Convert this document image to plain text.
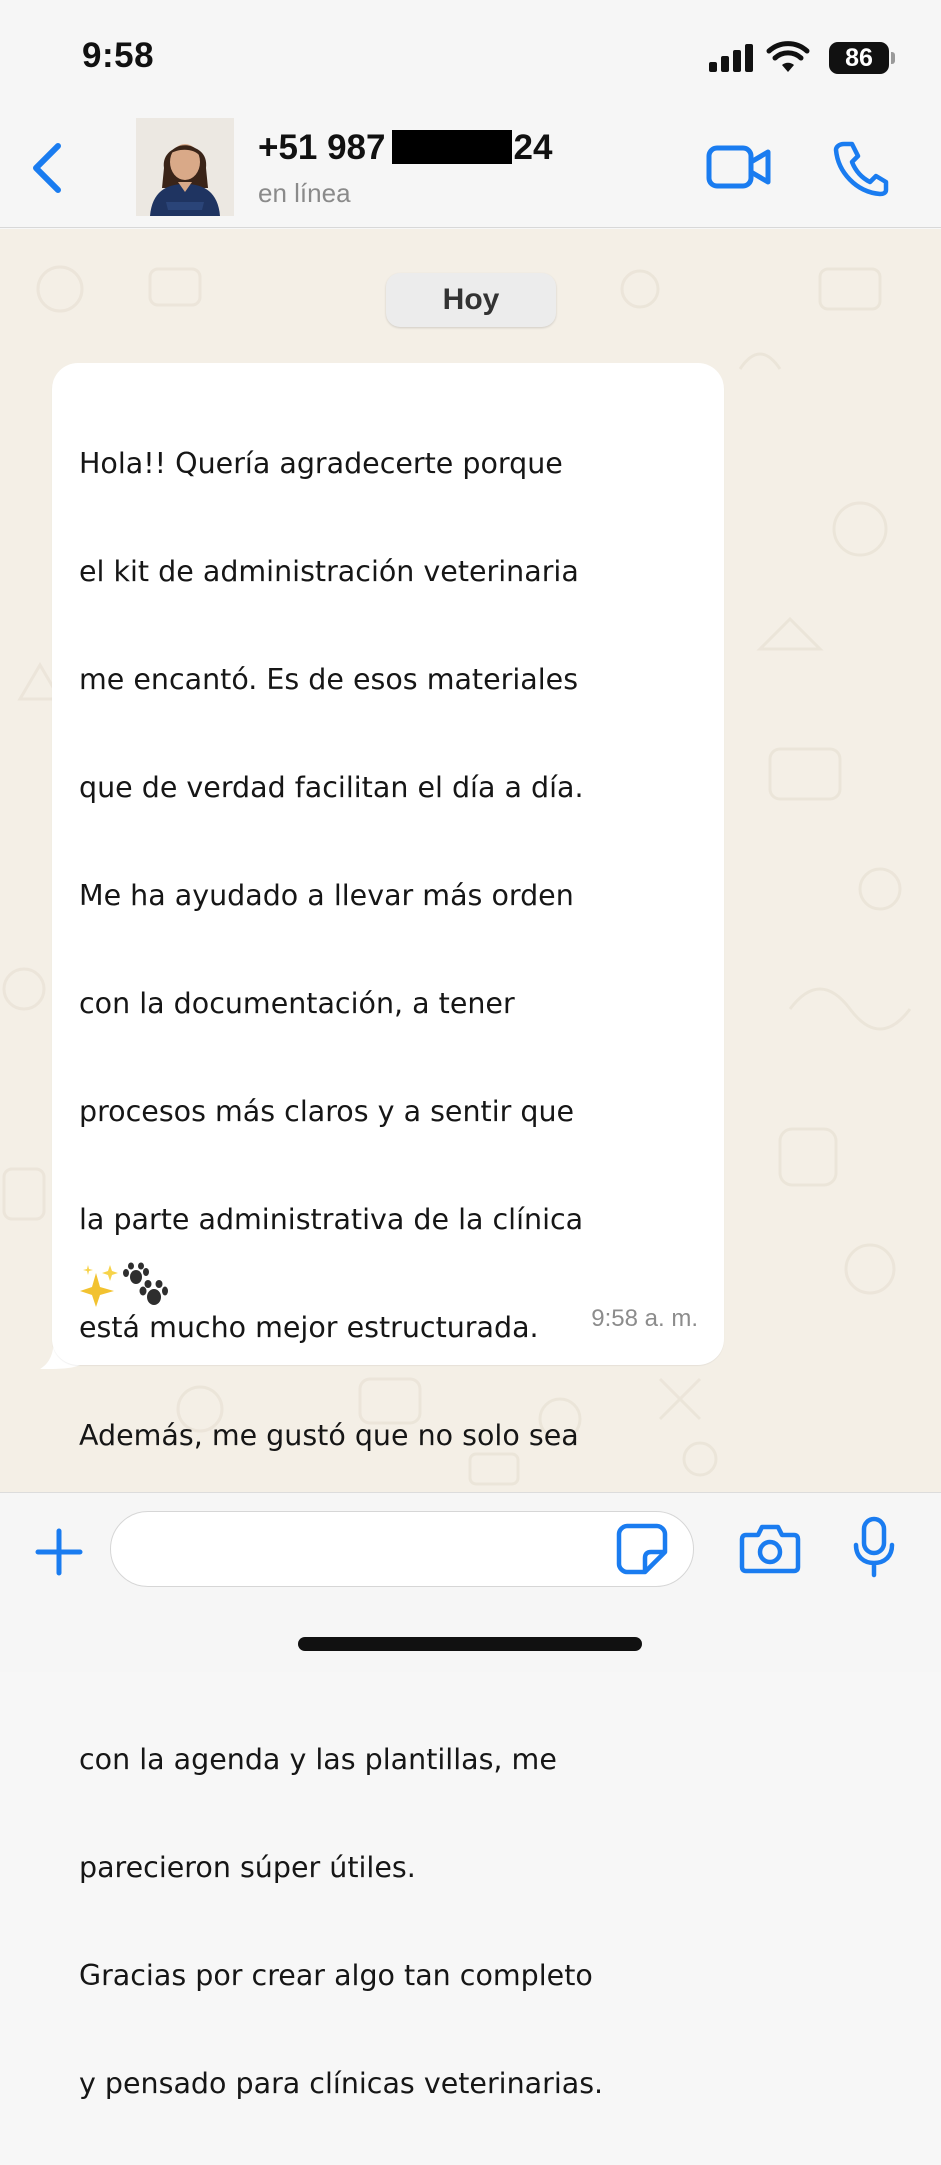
9:58	86
+51 987	24
en línea
Hoy

Hola!! Quería agradecerte porque

el kit de administración veterinaria

me encantó. Es de esos materiales

que de verdad facilitan el día a día.

Me ha ayudado a llevar más orden

con la documentación, a tener

procesos más claros y a sentir que

la parte administrativa de la clínica

está mucho mejor estructurada.

Además, me gustó que no solo sea

con la agenda y las plantillas, me

parecieron súper útiles.

Gracias por crear algo tan completo

y pensado para clínicas veterinarias.

9:58 a. m.
